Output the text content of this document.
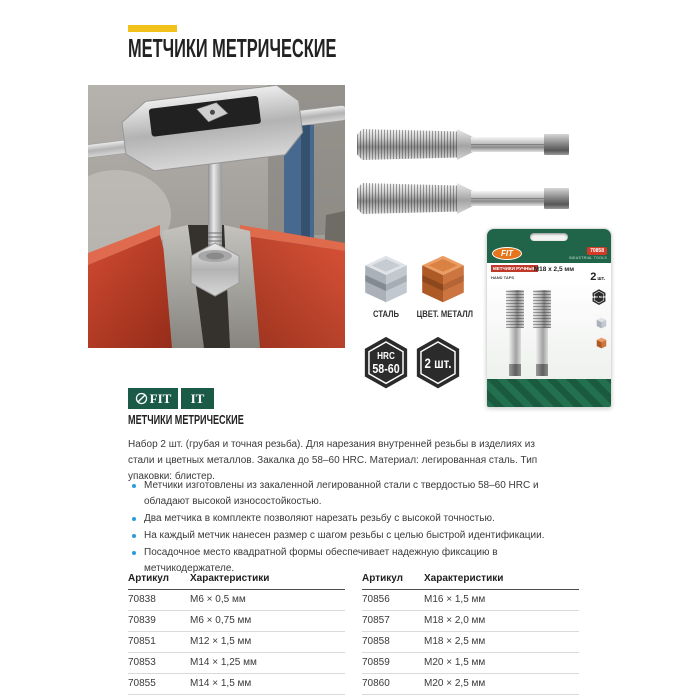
МЕТЧИКИ МЕТРИЧЕСКИЕ
СТАЛЬ	ЦВЕТ. МЕТАЛЛ
HRC
58-60 2 шт.
FIT	70858
INDUSTRIAL TOOLS
МЕТЧИКИ РУЧНЫЕ
HAND TAPS
M18 x 2,5 мм
2 шт.
HRC 58-60
FIT IT
МЕТЧИКИ МЕТРИЧЕСКИЕ

Набор 2 шт. (грубая и точная резьба). Для нарезания внутренней резьбы в изделиях из стали и цветных металлов. Закалка до 58–60 HRC. Материал: легированная сталь. Тип упаковки: блистер.

Метчики изготовлены из закаленной легированной стали с твердостью 58–60 HRC и обладают высокой износостойкостью.
Два метчика в комплекте позволяют нарезать резьбу с высокой точностью.
На каждый метчик нанесен размер с шагом резьбы с целью быстрой идентификации.
Посадочное место квадратной формы обеспечивает надежную фиксацию в метчикодержателе.
Артикул	Характеристики
70838	M6 × 0,5 мм
70839	M6 × 0,75 мм
70851	M12 × 1,5 мм
70853	M14 × 1,25 мм
70855	M14 × 1,5 мм
Артикул	Характеристики
70856	M16 × 1,5 мм
70857	M18 × 2,0 мм
70858	M18 × 2,5 мм
70859	M20 × 1,5 мм
70860	M20 × 2,5 мм
